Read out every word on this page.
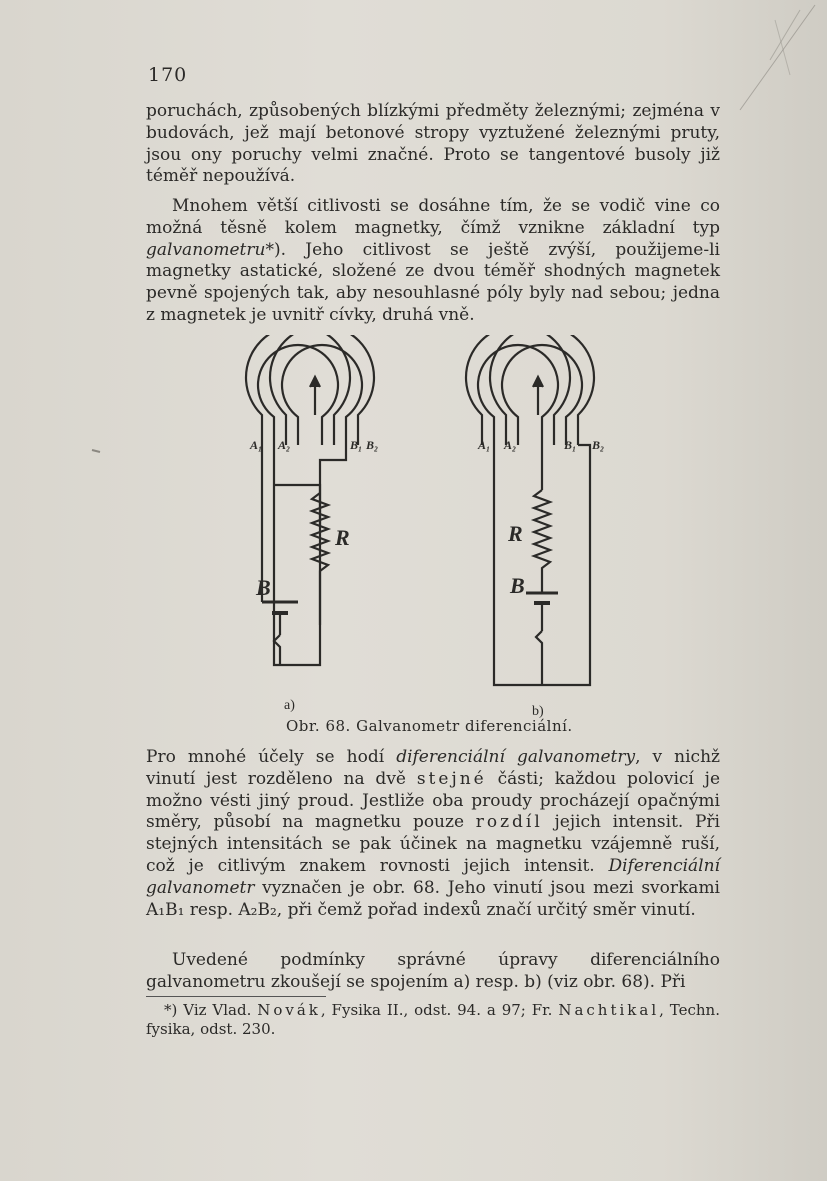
170

poruchách, způsobených blízkými předměty železnými; zejména v budovách, jež mají betonové stropy vyztužené železnými pruty, jsou ony poruchy velmi značné. Proto se tangentové busoly již téměř nepoužívá.

Mnohem větší citlivosti se dosáhne tím, že se vodič vine co možná těsně kolem magnetky, čímž vznikne základní typ galvanometru*). Jeho citlivost se ještě zvýší, použijeme-li magnetky astatické, složené ze dvou téměř shodných magnetek pevně spojených tak, aby nesouhlasné póly byly nad sebou; jedna z magnetek je uvnitř cívky, druhá vně.

A₁ A₂	B₁ B₂
R
B
A₁ A₂	B₁ B₂
R
B
a)	b)
Obr. 68. Galvanometr diferenciální.

Pro mnohé účely se hodí diferenciální galvanometry, v nichž vinutí jest rozděleno na dvě stejné části; každou polovicí je možno vésti jiný proud. Jestliže oba proudy procházejí opačnými směry, působí na magnetku pouze rozdíl jejich intensit. Při stejných intensitách se pak účinek na magnetku vzájemně ruší, což je citlivým znakem rovnosti jejich intensit. Diferenciální galvanometr vyznačen je obr. 68. Jeho vinutí jsou mezi svorkami A₁B₁ resp. A₂B₂, při čemž pořad indexů značí určitý směr vinutí.

Uvedené podmínky správné úpravy diferenciálního galvanometru zkoušejí se spojením a) resp. b) (viz obr. 68). Při

*) Viz Vlad. Novák, Fysika II., odst. 94. a 97; Fr. Nachtikal, Techn. fysika, odst. 230.
